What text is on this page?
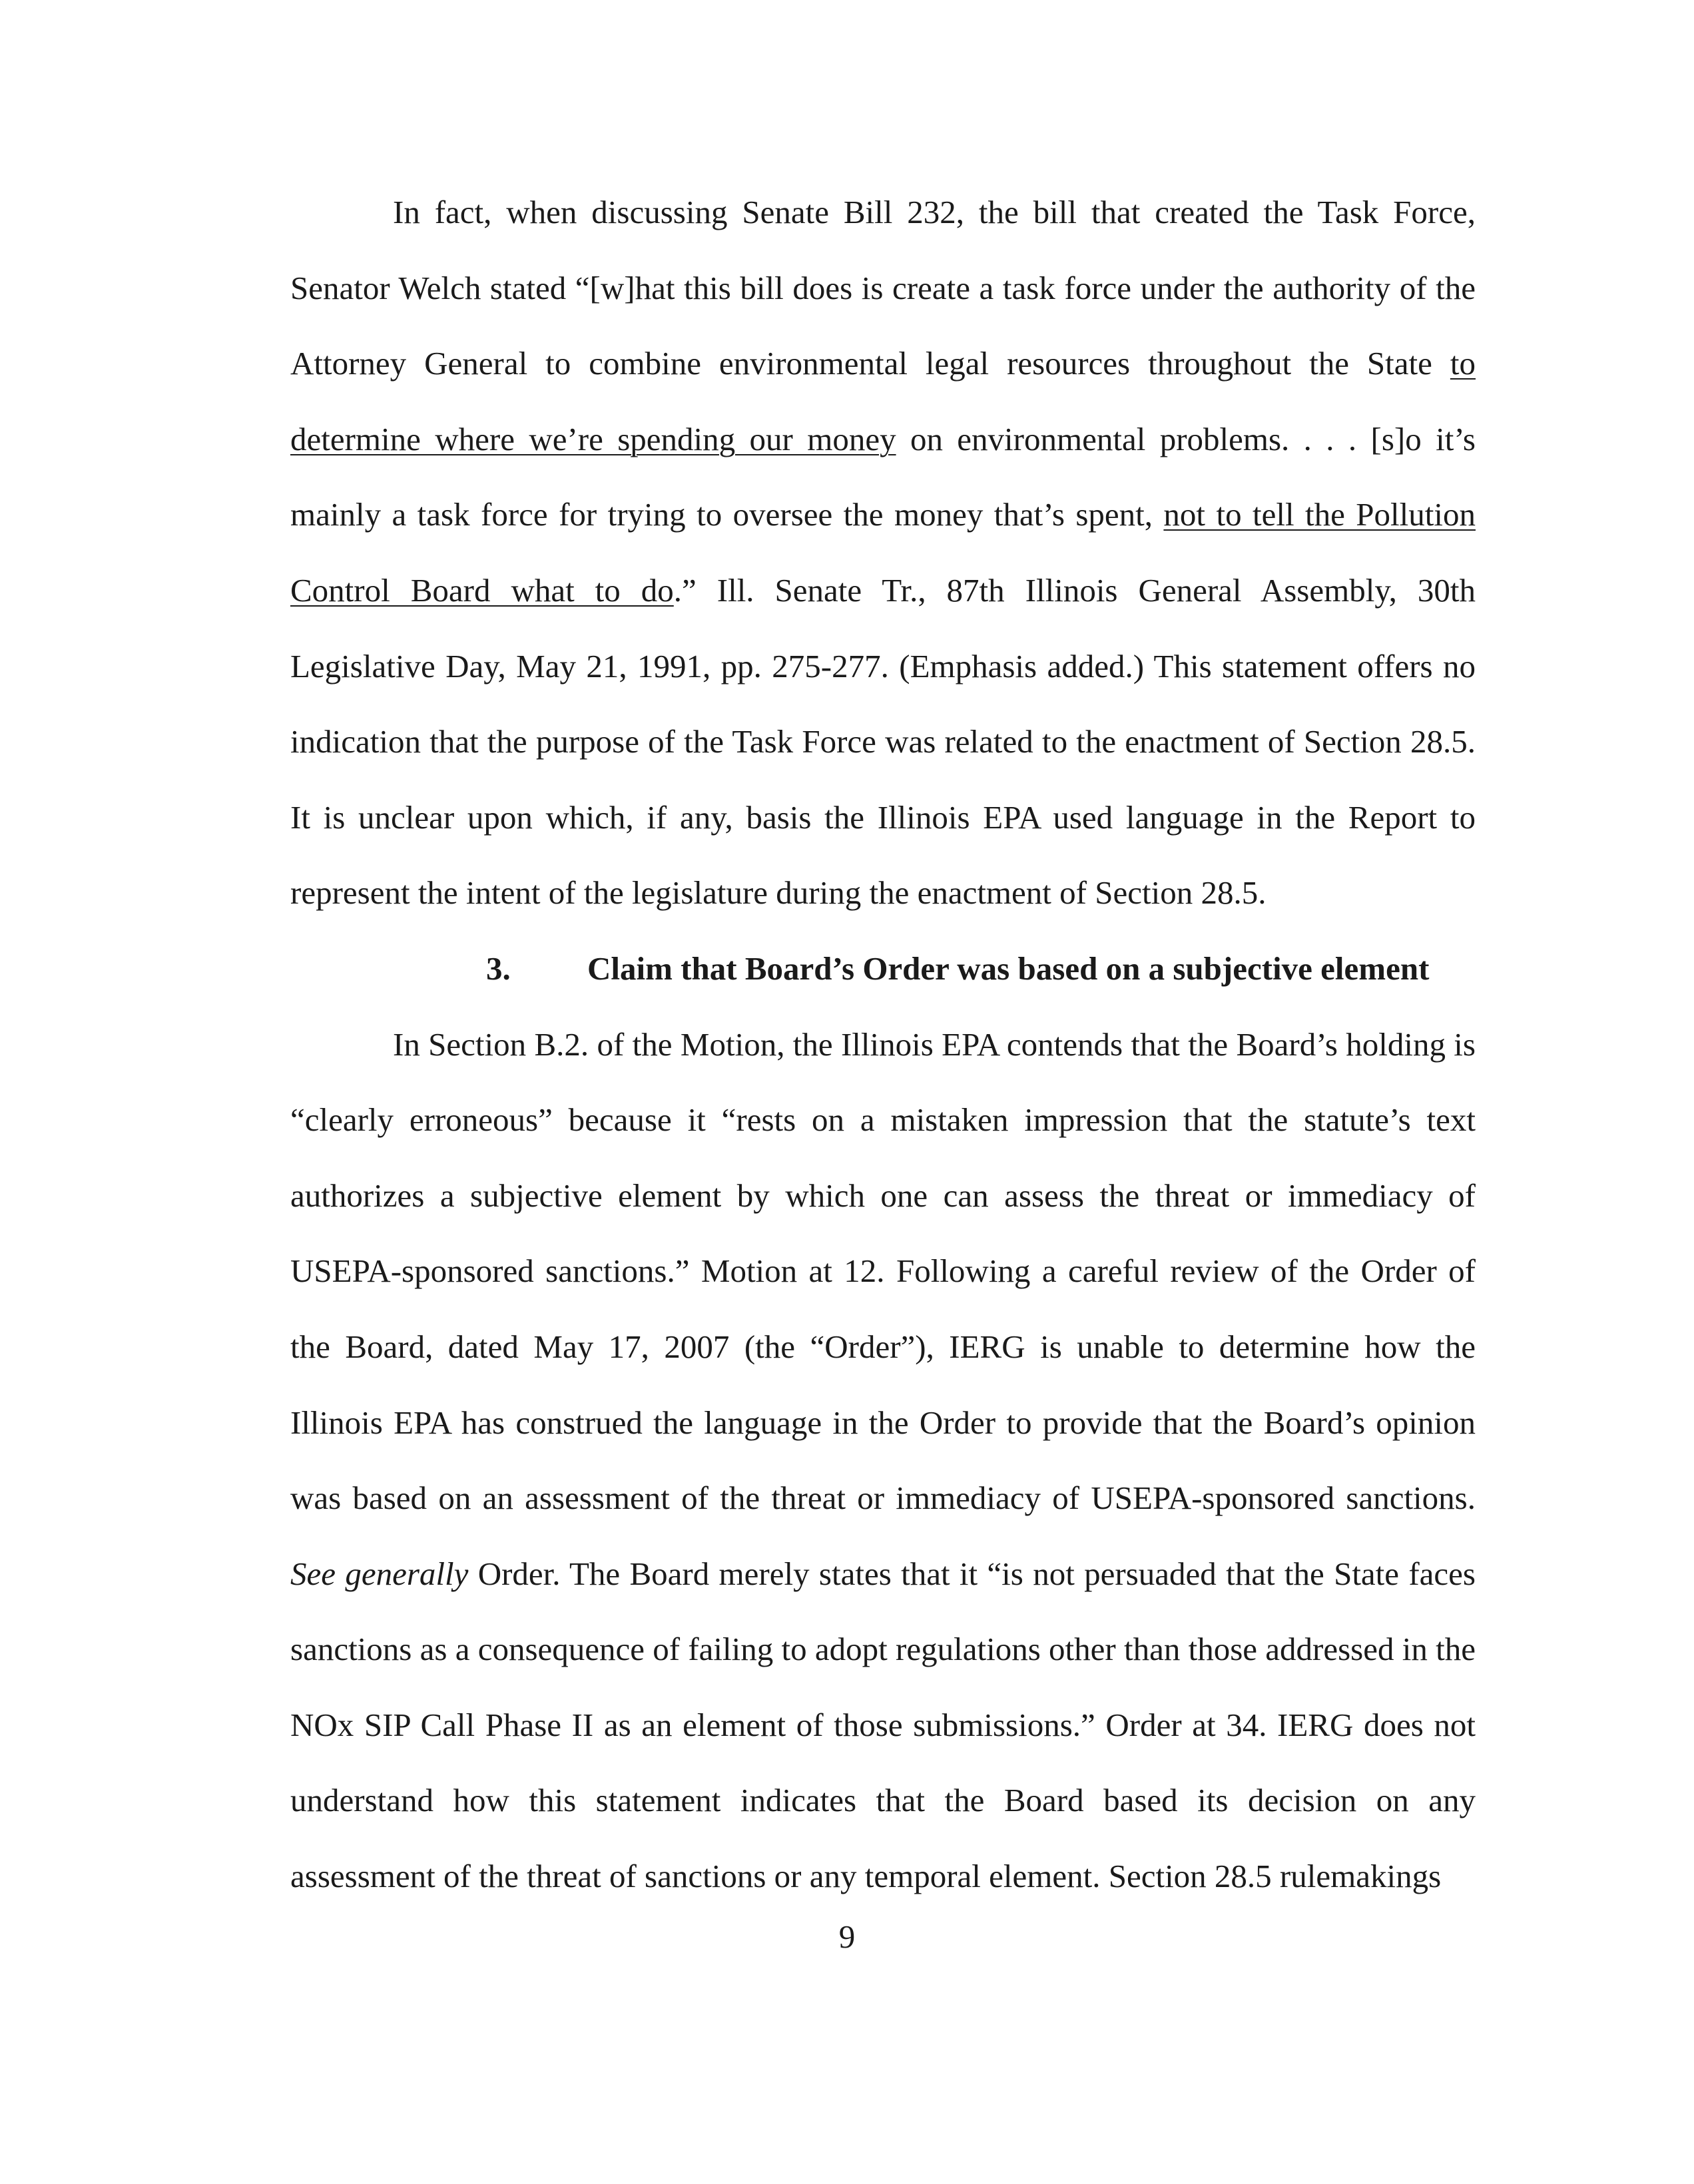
In fact, when discussing Senate Bill 232, the bill that created the Task Force, Senator Welch stated “[w]hat this bill does is create a task force under the authority of the Attorney General to combine environmental legal resources throughout the State to determine where we’re spending our money on environmental problems. . . . [s]o it’s mainly a task force for trying to oversee the money that’s spent, not to tell the Pollution Control Board what to do.” Ill. Senate Tr., 87th Illinois General Assembly, 30th Legislative Day, May 21, 1991, pp. 275-277. (Emphasis added.) This statement offers no indication that the purpose of the Task Force was related to the enactment of Section 28.5. It is unclear upon which, if any, basis the Illinois EPA used language in the Report to represent the intent of the legislature during the enactment of Section 28.5.

3. Claim that Board’s Order was based on a subjective element

In Section B.2. of the Motion, the Illinois EPA contends that the Board’s holding is “clearly erroneous” because it “rests on a mistaken impression that the statute’s text authorizes a subjective element by which one can assess the threat or immediacy of USEPA-sponsored sanctions.” Motion at 12. Following a careful review of the Order of the Board, dated May 17, 2007 (the “Order”), IERG is unable to determine how the Illinois EPA has construed the language in the Order to provide that the Board’s opinion was based on an assessment of the threat or immediacy of USEPA-sponsored sanctions. See generally Order. The Board merely states that it “is not persuaded that the State faces sanctions as a consequence of failing to adopt regulations other than those addressed in the NOx SIP Call Phase II as an element of those submissions.” Order at 34. IERG does not understand how this statement indicates that the Board based its decision on any assessment of the threat of sanctions or any temporal element. Section 28.5 rulemakings

9
